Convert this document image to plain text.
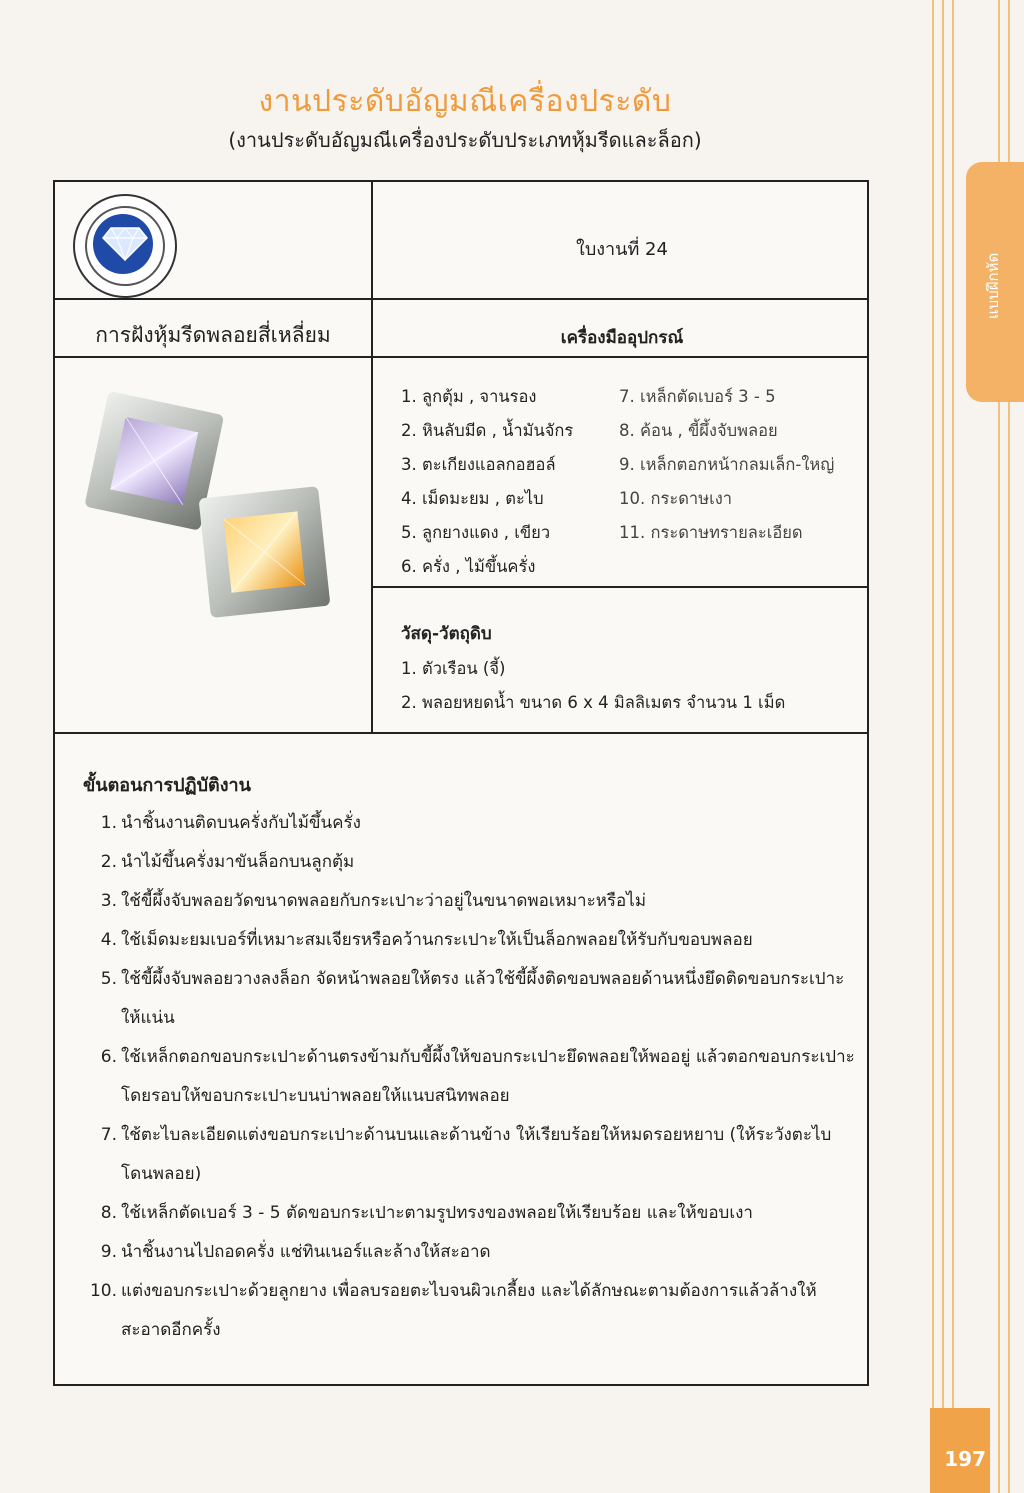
แบบฝึกหัด
197
งานประดับอัญมณีเครื่องประดับ
(งานประดับอัญมณีเครื่องประดับประเภทหุ้มรีดและล็อก)
ใบงานที่ 24
การฝังหุ้มรีดพลอยสี่เหลี่ยม	เครื่องมืออุปกรณ์
1. ลูกตุ้ม , จานรอง	7. เหล็กตัดเบอร์ 3 - 5
2. หินลับมีด , น้ำมันจักร	8. ค้อน , ขี้ผึ้งจับพลอย
3. ตะเกียงแอลกอฮอล์	9. เหล็กตอกหน้ากลมเล็ก-ใหญ่
4. เม็ดมะยม , ตะไบ	10. กระดาษเงา
5. ลูกยางแดง , เขียว	11. กระดาษทรายละเอียด
6. ครั่ง , ไม้ขึ้นครั่ง
วัสดุ-วัตถุดิบ
1. ตัวเรือน (จี้)
2. พลอยหยดน้ำ ขนาด 6 x 4 มิลลิเมตร จำนวน 1 เม็ด
ขั้นตอนการปฏิบัติงาน
1. นำชิ้นงานติดบนครั่งกับไม้ขึ้นครั่ง
2. นำไม้ขึ้นครั่งมาขันล็อกบนลูกตุ้ม
3. ใช้ขี้ผึ้งจับพลอยวัดขนาดพลอยกับกระเปาะว่าอยู่ในขนาดพอเหมาะหรือไม่
4. ใช้เม็ดมะยมเบอร์ที่เหมาะสมเจียรหรือคว้านกระเปาะให้เป็นล็อกพลอยให้รับกับขอบพลอย
5. ใช้ขี้ผึ้งจับพลอยวางลงล็อก จัดหน้าพลอยให้ตรง แล้วใช้ขี้ผึ้งติดขอบพลอยด้านหนึ่งยึดติดขอบกระเปาะให้แน่น
6. ใช้เหล็กตอกขอบกระเปาะด้านตรงข้ามกับขี้ผึ้งให้ขอบกระเปาะยึดพลอยให้พออยู่ แล้วตอกขอบกระเปาะโดยรอบให้ขอบกระเปาะบนบ่าพลอยให้แนบสนิทพลอย
7. ใช้ตะไบละเอียดแต่งขอบกระเปาะด้านบนและด้านข้าง ให้เรียบร้อยให้หมดรอยหยาบ (ให้ระวังตะไบโดนพลอย)
8. ใช้เหล็กตัดเบอร์ 3 - 5 ตัดขอบกระเปาะตามรูปทรงของพลอยให้เรียบร้อย และให้ขอบเงา
9. นำชิ้นงานไปถอดครั่ง แช่ทินเนอร์และล้างให้สะอาด
10. แต่งขอบกระเปาะด้วยลูกยาง เพื่อลบรอยตะไบจนผิวเกลี้ยง และได้ลักษณะตามต้องการแล้วล้างให้สะอาดอีกครั้ง
